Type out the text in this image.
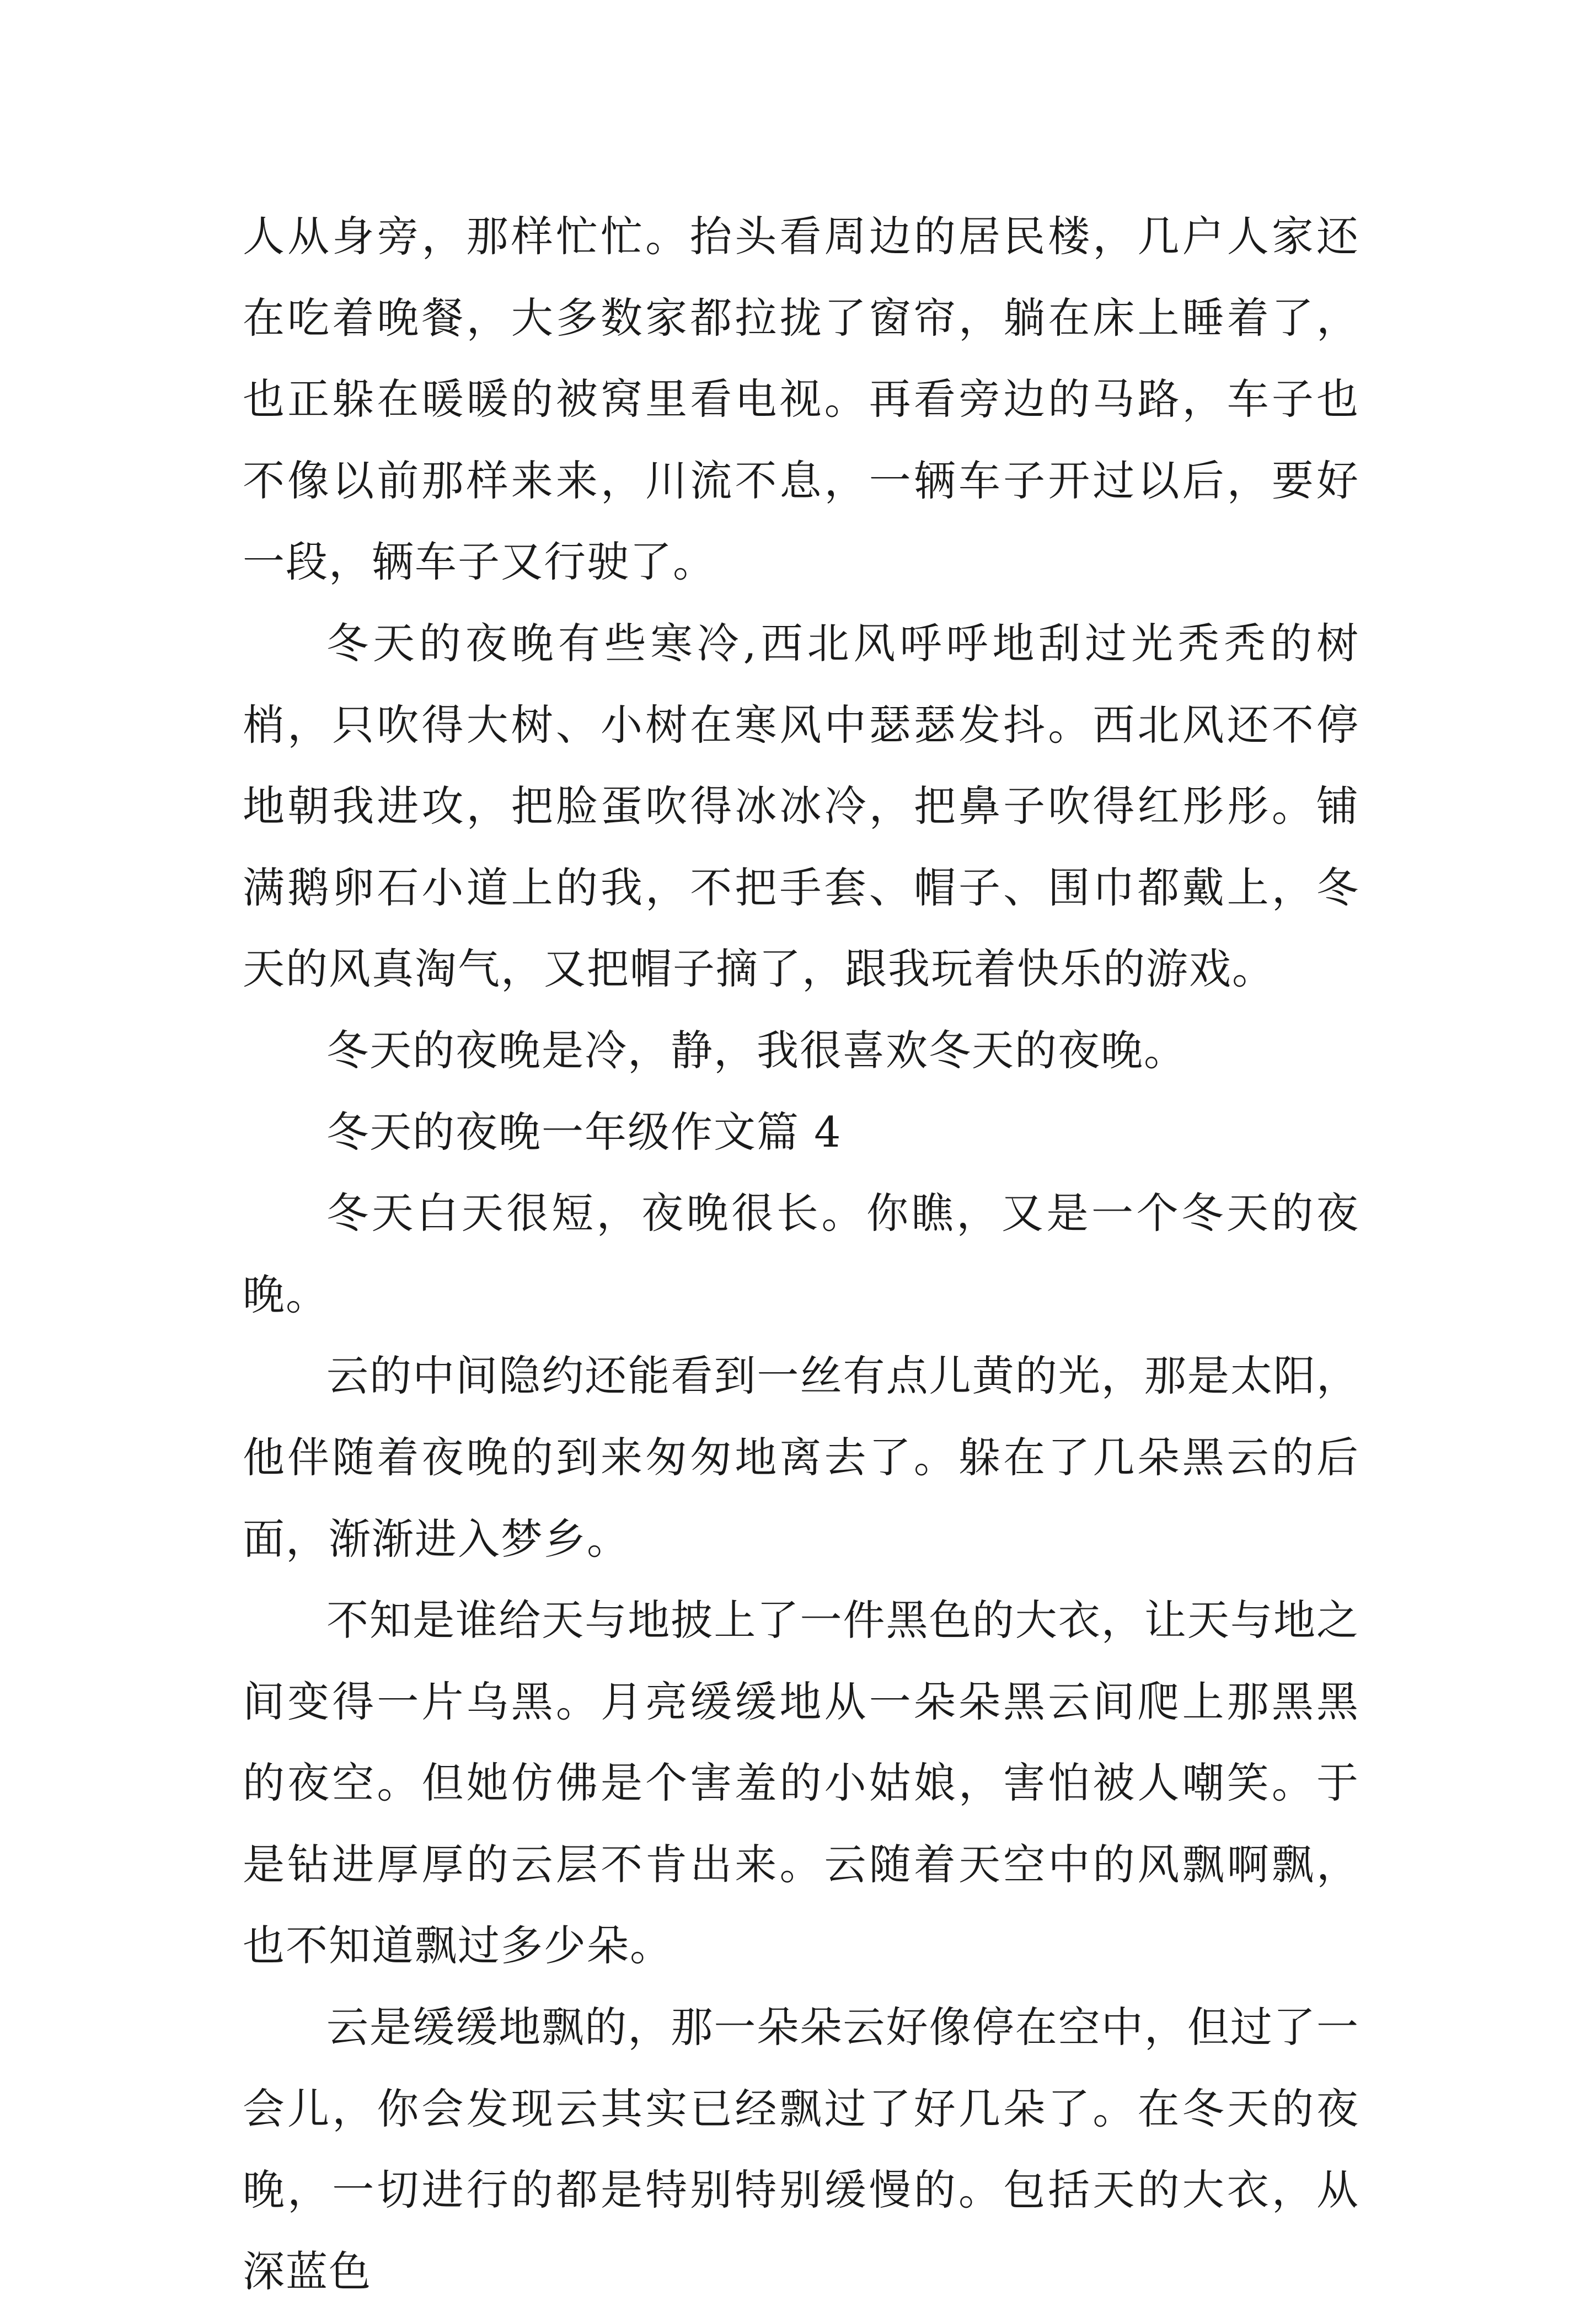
人从身旁，那样忙忙。抬头看周边的居民楼，几户人家还在吃着晚餐，大多数家都拉拢了窗帘，躺在床上睡着了，也正躲在暖暖的被窝里看电视。再看旁边的马路，车子也不像以前那样来来，川流不息，一辆车子开过以后，要好一段，辆车子又行驶了。

冬天的夜晚有些寒冷,西北风呼呼地刮过光秃秃的树梢，只吹得大树、小树在寒风中瑟瑟发抖。西北风还不停地朝我进攻，把脸蛋吹得冰冰冷，把鼻子吹得红彤彤。铺满鹅卵石小道上的我，不把手套、帽子、围巾都戴上，冬天的风真淘气，又把帽子摘了，跟我玩着快乐的游戏。

冬天的夜晚是冷，静，我很喜欢冬天的夜晚。

冬天的夜晚一年级作文篇 4

冬天白天很短，夜晚很长。你瞧，又是一个冬天的夜晚。

云的中间隐约还能看到一丝有点儿黄的光，那是太阳，他伴随着夜晚的到来匆匆地离去了。躲在了几朵黑云的后面，渐渐进入梦乡。

不知是谁给天与地披上了一件黑色的大衣，让天与地之间变得一片乌黑。月亮缓缓地从一朵朵黑云间爬上那黑黑的夜空。但她仿佛是个害羞的小姑娘，害怕被人嘲笑。于是钻进厚厚的云层不肯出来。云随着天空中的风飘啊飘，也不知道飘过多少朵。

云是缓缓地飘的，那一朵朵云好像停在空中，但过了一会儿，你会发现云其实已经飘过了好几朵了。在冬天的夜晚，一切进行的都是特别特别缓慢的。包括天的大衣，从深蓝色
